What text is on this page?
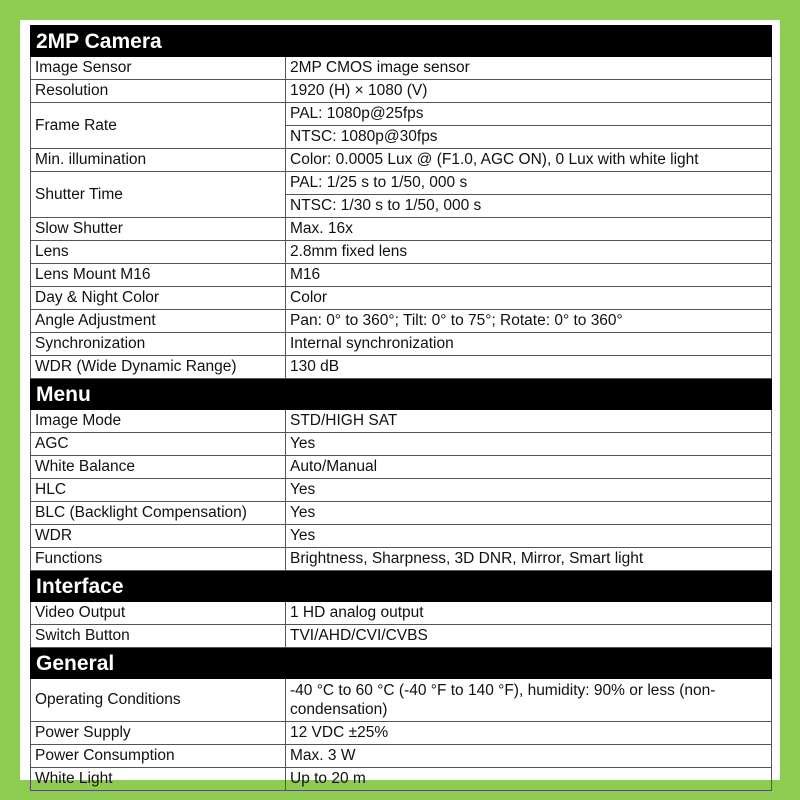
2MP Camera	
Image Sensor	2MP CMOS image sensor
Resolution	1920 (H) × 1080 (V)
Frame Rate	PAL: 1080p@25fps
	NTSC: 1080p@30fps
Min. illumination	Color: 0.0005 Lux @ (F1.0, AGC ON), 0 Lux with white light
Shutter Time	PAL: 1/25 s to 1/50, 000 s
	NTSC: 1/30 s to 1/50, 000 s
Slow Shutter	Max. 16x
Lens	2.8mm fixed lens
Lens Mount M16	M16
Day & Night Color	Color
Angle Adjustment	Pan: 0° to 360°; Tilt: 0° to 75°; Rotate: 0° to 360°
Synchronization	Internal synchronization
WDR (Wide Dynamic Range)	130 dB
Menu	
Image Mode	STD/HIGH SAT
AGC	Yes
White Balance	Auto/Manual
HLC	Yes
BLC (Backlight Compensation)	Yes
WDR	Yes
Functions	Brightness, Sharpness, 3D DNR, Mirror, Smart light
Interface	
Video Output	1 HD analog output
Switch Button	TVI/AHD/CVI/CVBS
General	
Operating Conditions	-40 °C to 60 °C (-40 °F to 140 °F), humidity: 90% or less (non-condensation)
Power Supply	12 VDC ±25%
Power Consumption	Max. 3 W
White Light	Up to 20 m
